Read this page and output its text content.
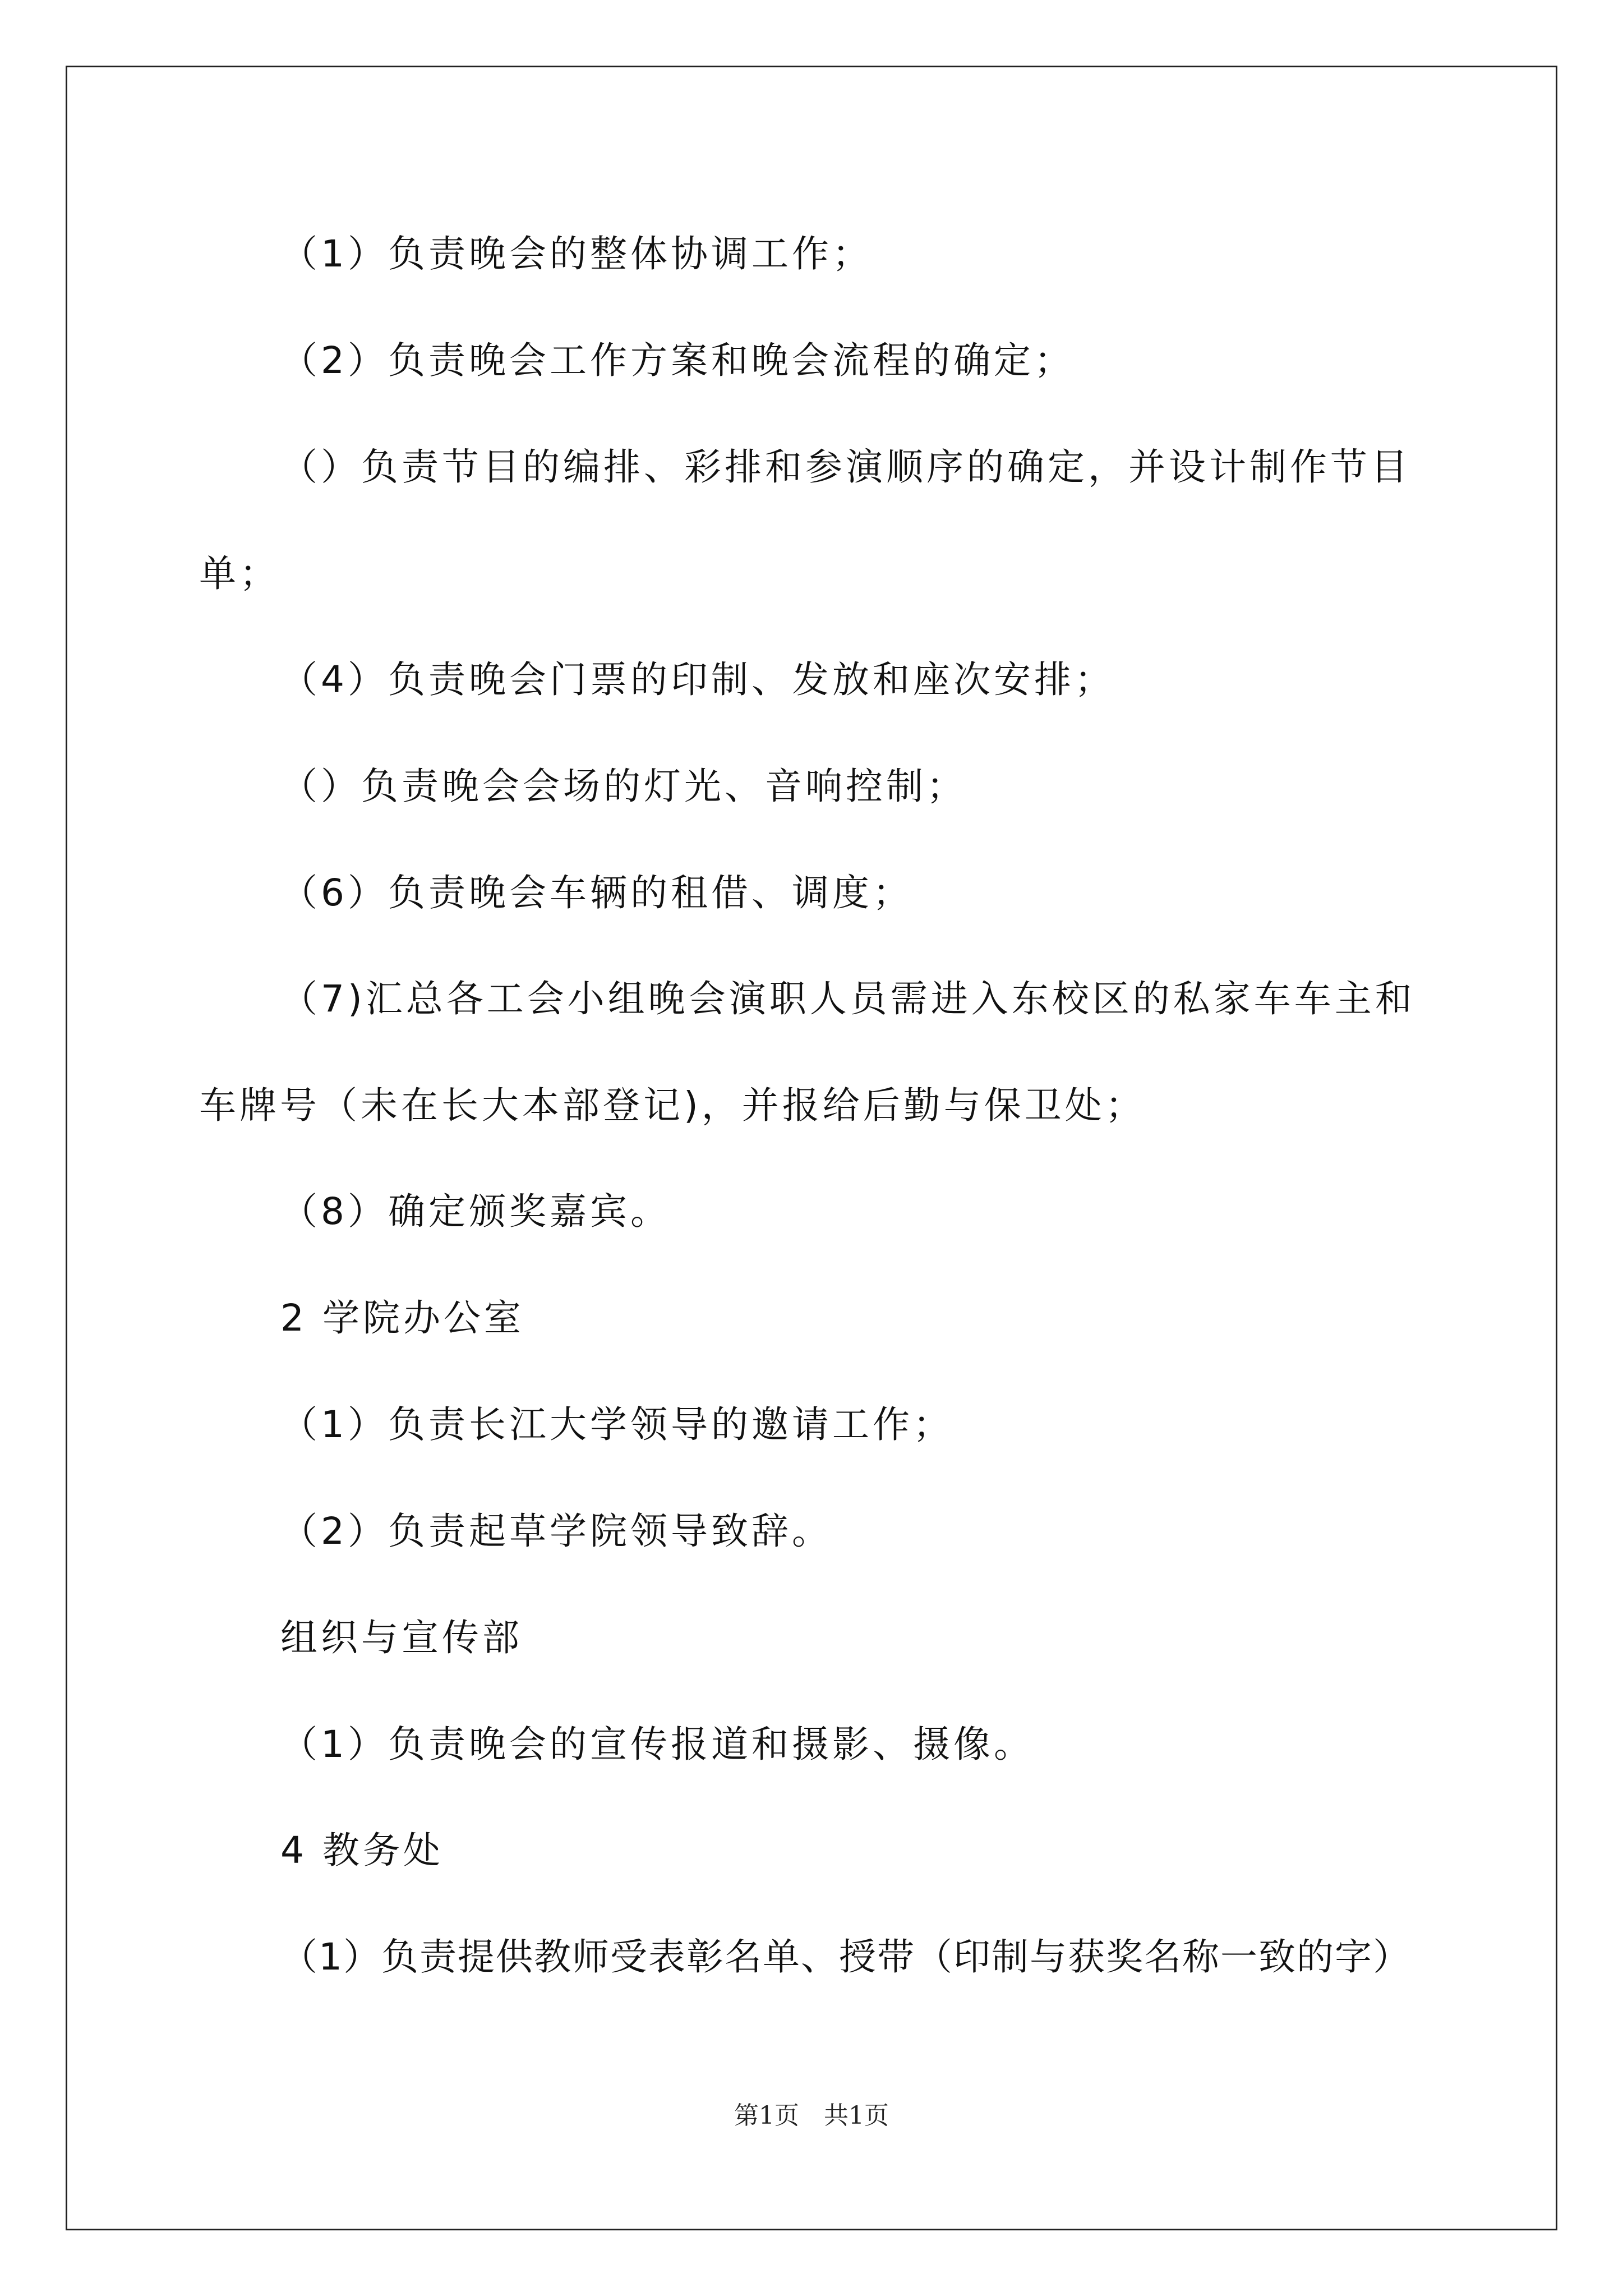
（1）负责晚会的整体协调工作；
（2）负责晚会工作方案和晚会流程的确定；
（）负责节目的编排、彩排和参演顺序的确定，并设计制作节目
单；
（4）负责晚会门票的印制、发放和座次安排；
（）负责晚会会场的灯光、音响控制；
（6）负责晚会车辆的租借、调度；
（7)汇总各工会小组晚会演职人员需进入东校区的私家车车主和
车牌号（未在长大本部登记)，并报给后勤与保卫处；
（8）确定颁奖嘉宾。
2 学院办公室
（1）负责长江大学领导的邀请工作；
（2）负责起草学院领导致辞。
组织与宣传部
（1）负责晚会的宣传报道和摄影、摄像。
4 教务处
（1）负责提供教师受表彰名单、授带（印制与获奖名称一致的字）
第1页　共1页
